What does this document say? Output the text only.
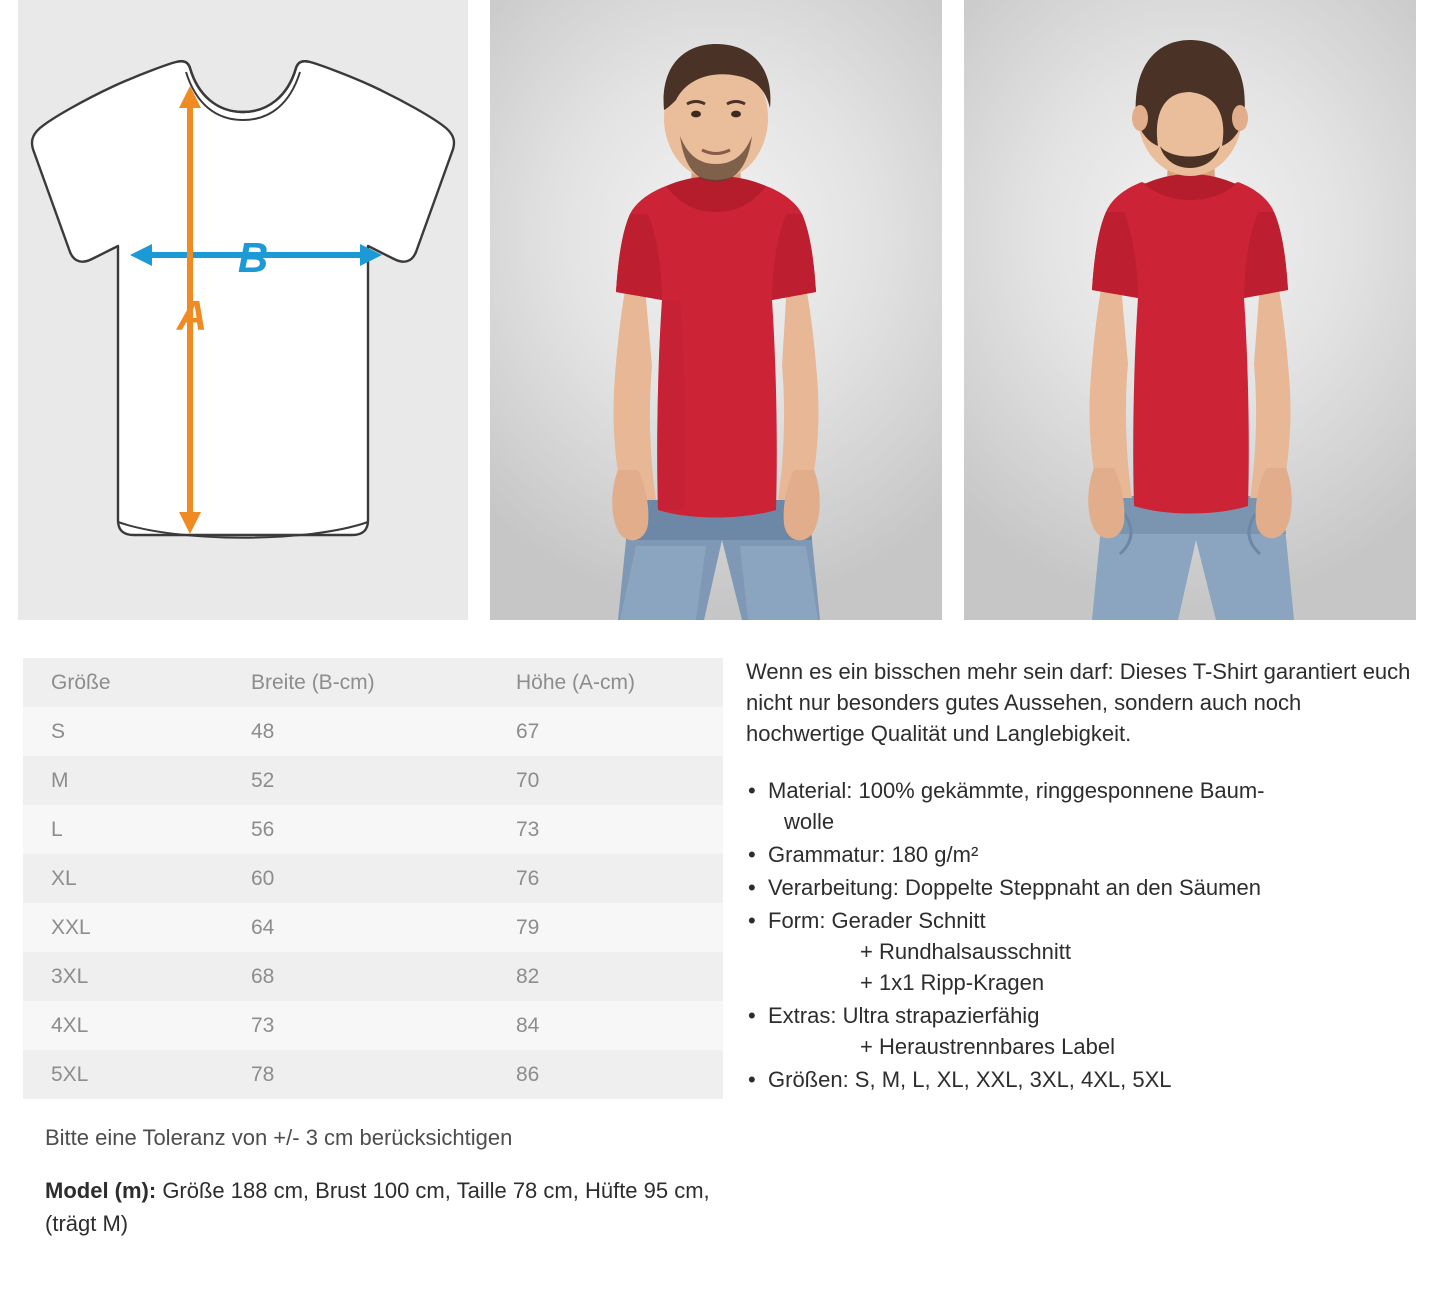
B
A
Größe	Breite (B-cm)	Höhe (A-cm)
S	48	67
M	52	70
L	56	73
XL	60	76
XXL	64	79
3XL	68	82
4XL	73	84
5XL	78	86
Bitte eine Toleranz von +/- 3 cm berücksichtigen
Model (m): Größe 188 cm, Brust 100 cm, Taille 78 cm, Hüfte 95 cm, (trägt M)

Wenn es ein bisschen mehr sein darf: Dieses T-Shirt garantiert euch nicht nur besonders gutes Aussehen, sondern auch noch hochwertige Qualität und Langlebigkeit.

• Material: 100% gekämmte, ringgesponnene Baum-
wolle
• Grammatur: 180 g/m²
• Verarbeitung: Doppelte Steppnaht an den Säumen
• Form: Gerader Schnitt
+ Rundhalsausschnitt
+ 1x1 Ripp-Kragen
• Extras: Ultra strapazierfähig
+ Heraustrennbares Label
• Größen: S, M, L, XL, XXL, 3XL, 4XL, 5XL
